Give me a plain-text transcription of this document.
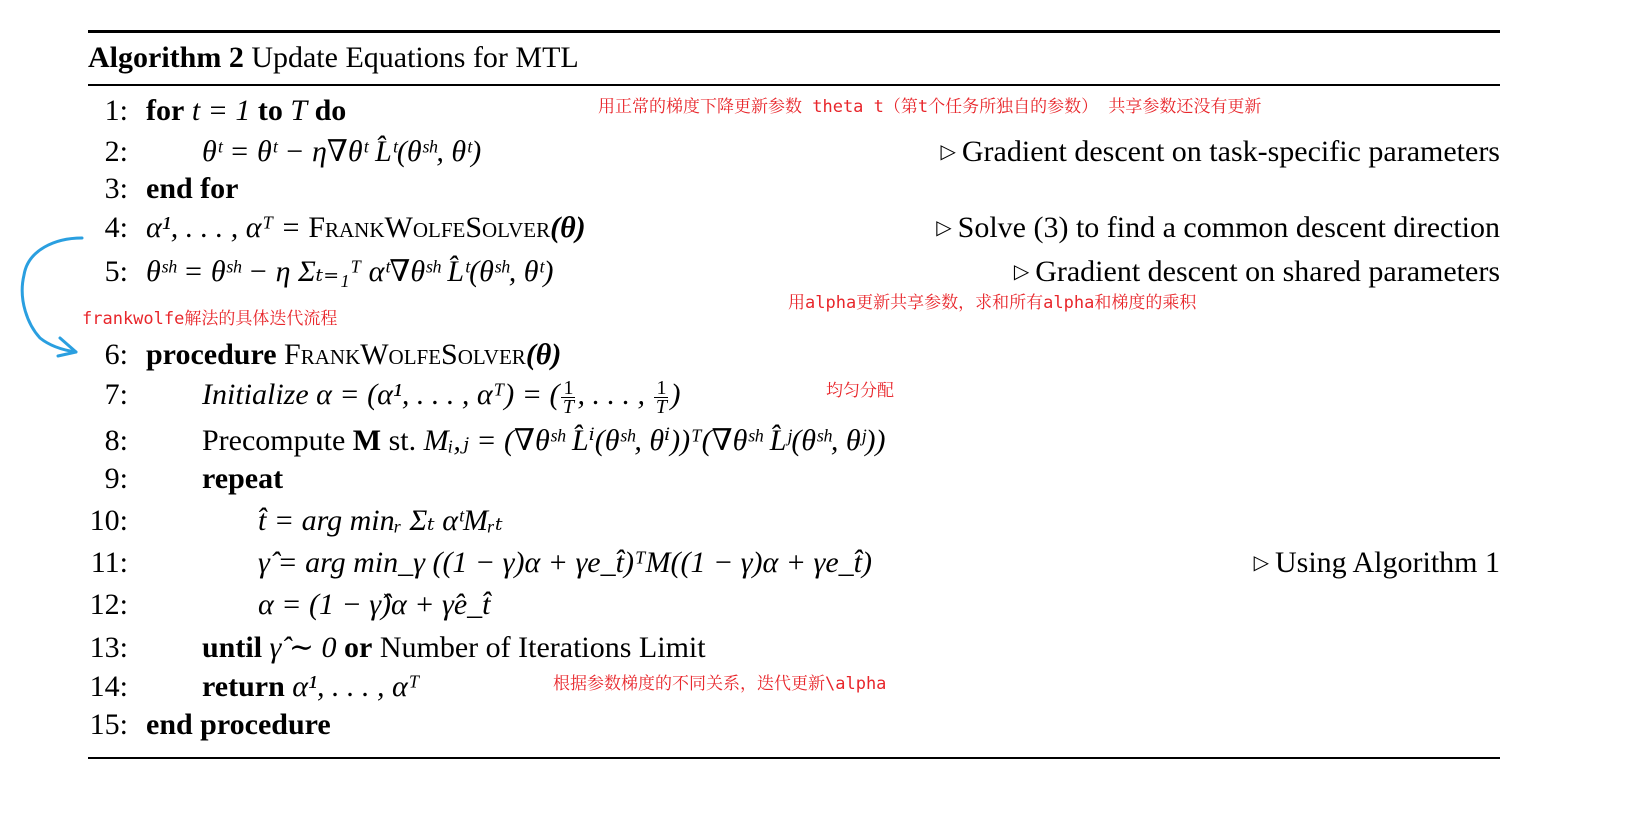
Algorithm 2 Update Equations for MTL
1: for t = 1 to T do	用正常的梯度下降更新参数 theta t（第t个任务所独自的参数） 共享参数还没有更新
2: θᵗ = θᵗ − η∇θᵗ L̂ᵗ(θˢʰ, θᵗ)	▷ Gradient descent on task-specific parameters
3: end for
4: α¹, . . . , αᵀ = FrankWolfeSolver(θ)	▷ Solve (3) to find a common descent direction
5: θˢʰ = θˢʰ − η Σₜ₌₁ᵀ αᵗ∇θˢʰ L̂ᵗ(θˢʰ, θᵗ)	▷ Gradient descent on shared parameters
用alpha更新共享参数，求和所有alpha和梯度的乘积
frankwolfe解法的具体迭代流程
6: procedure FrankWolfeSolver(θ)
7: Initialize α = (α¹, . . . , αᵀ) = ( $\frac{1}{T}$ , . . . , $\frac{1}{T}$ )	均匀分配
8: Precompute M st. Mᵢ,ⱼ = (∇θˢʰ L̂ⁱ(θˢʰ, θⁱ))ᵀ(∇θˢʰ L̂ʲ(θˢʰ, θʲ))
9: repeat
10:	t̂ = arg minᵣ Σₜ αᵗMᵣₜ
11:	γ̂ = arg min_γ ((1 − γ)α + γe_t̂)ᵀM((1 − γ)α + γe_t̂)	▷ Using Algorithm 1
12:	α = (1 − γ̂)α + γ̂e_t̂
13: until γ̂ ∼ 0 or Number of Iterations Limit
14: return α¹, . . . , αᵀ	根据参数梯度的不同关系，迭代更新\alpha
15: end procedure
